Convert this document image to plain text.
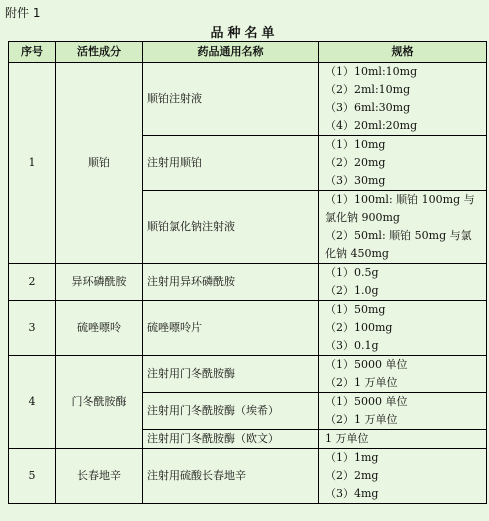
附件 1
品种名单
序号	活性成分	药品通用名称	规格
1	顺铂	顺铂注射液	（1）10ml:10mg
（2）2ml:10mg
（3）6ml:30mg
（4）20ml:20mg

		注射用顺铂	（1）10mg
（2）20mg
（3）30mg

		顺铂氯化钠注射液	（1）100ml: 顺铂 100mg 与氯化钠 900mg
（2）50ml: 顺铂 50mg 与氯化钠 450mg

2	异环磷酰胺	注射用异环磷酰胺	（1）0.5g
（2）1.0g

3	硫唑嘌呤	硫唑嘌呤片	（1）50mg
（2）100mg
（3）0.1g

4	门冬酰胺酶	注射用门冬酰胺酶	（1）5000 单位
（2）1 万单位

		注射用门冬酰胺酶（埃希）	（1）5000 单位
（2）1 万单位

		注射用门冬酰胺酶（欧文）	1 万单位

5	长春地辛	注射用硫酸长春地辛	（1）1mg
（2）2mg
（3）4mg
